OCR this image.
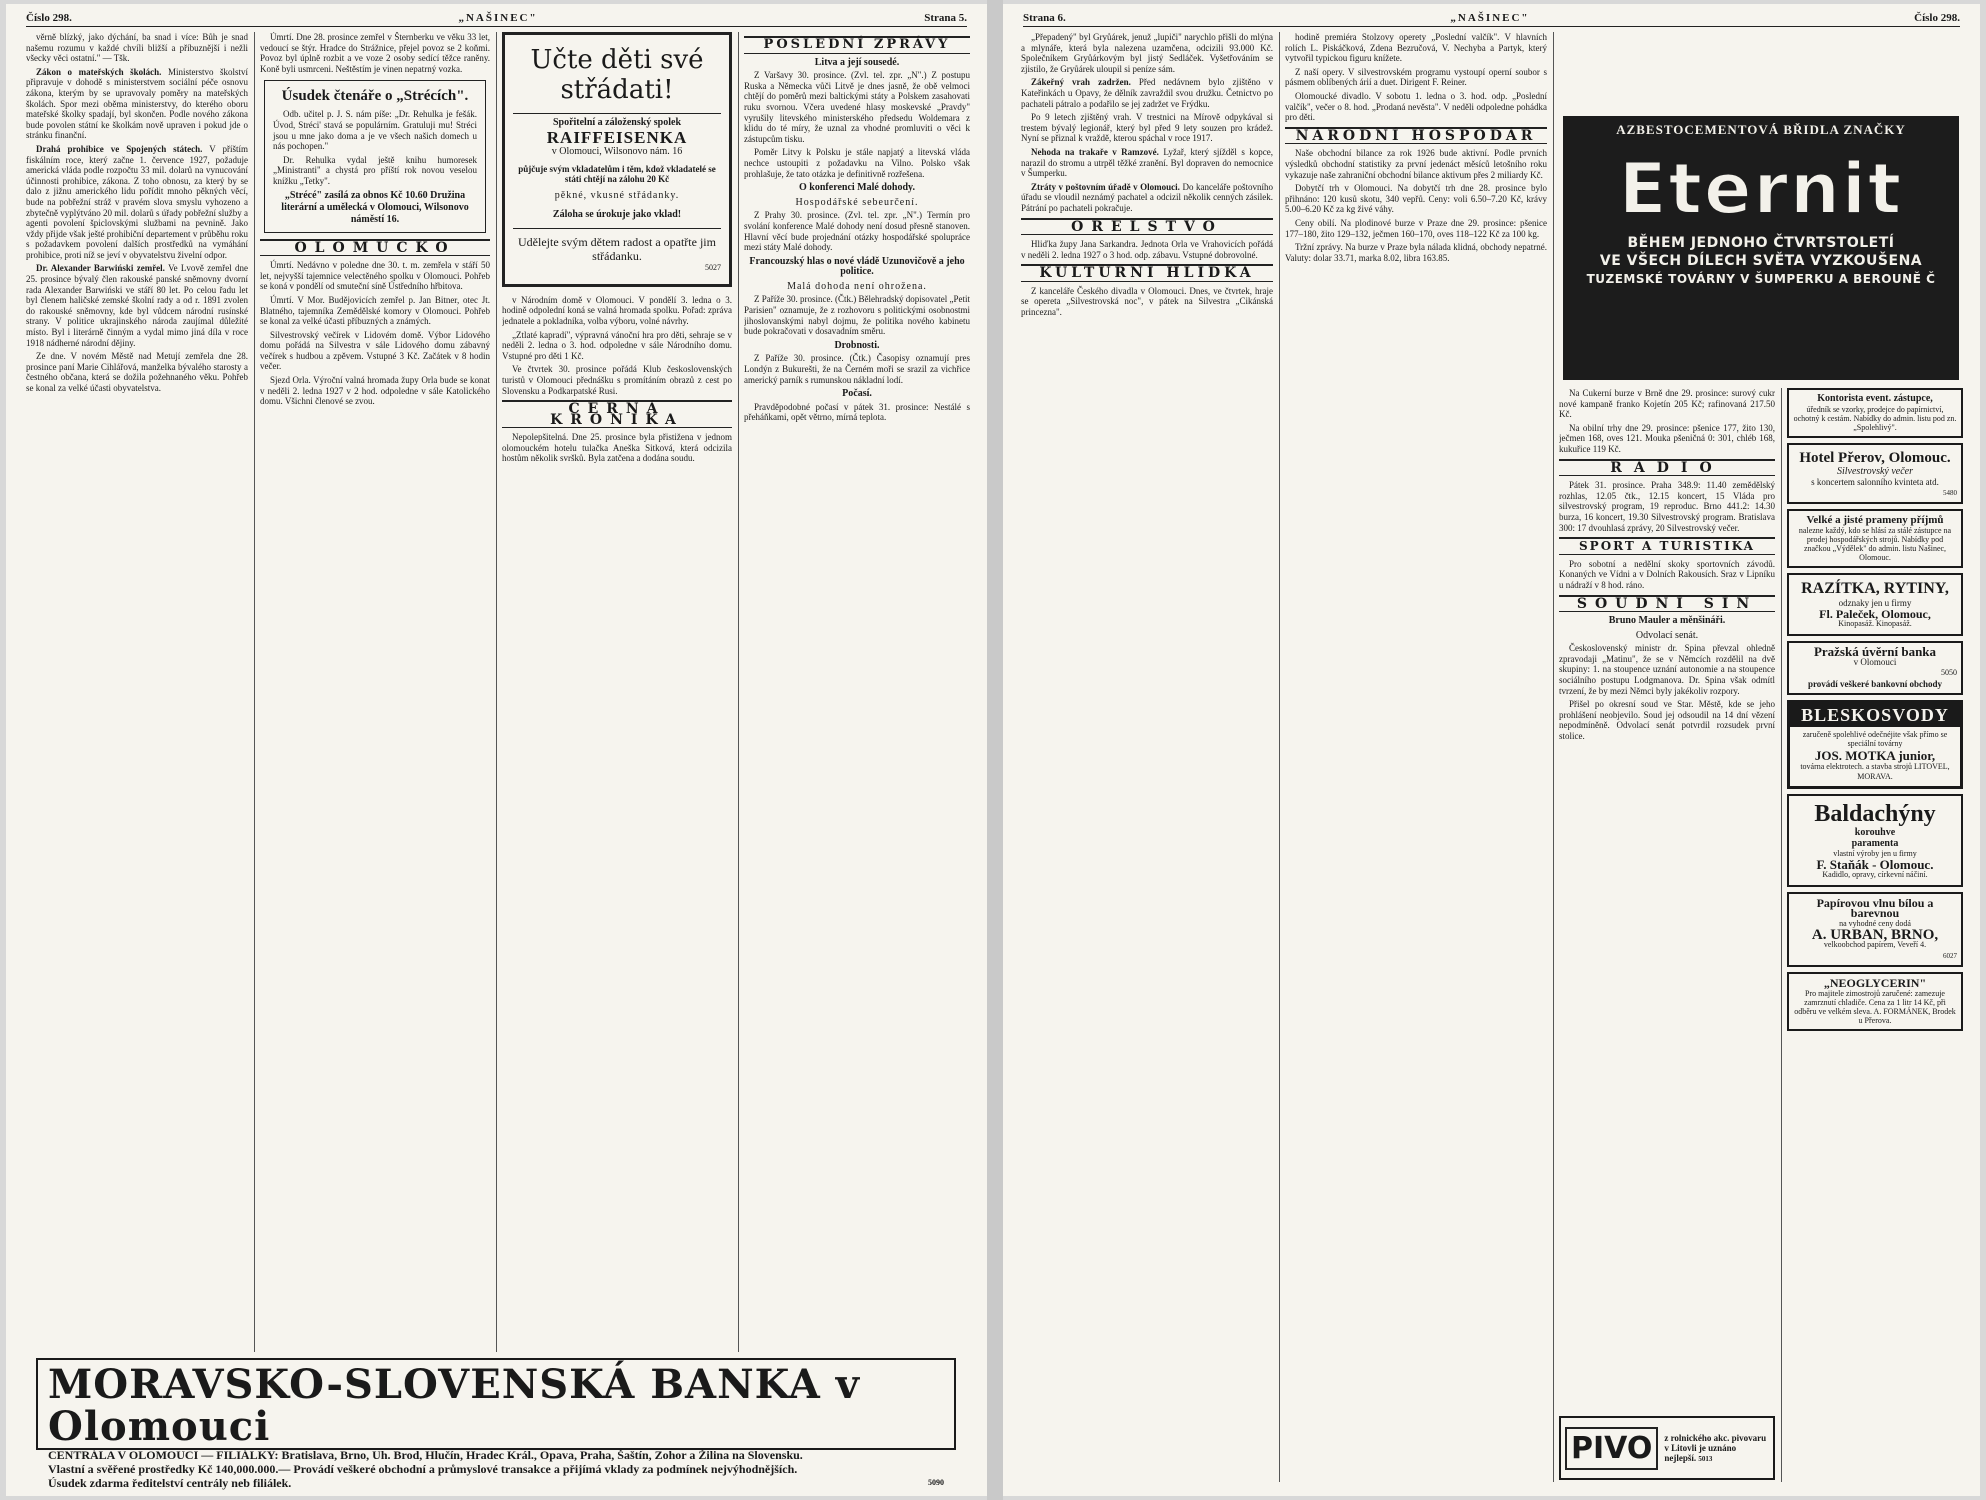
Číslo 298.	„NAŠINEC"	Strana 5.

věrně blízký, jako dýchání, ba snad i více: Bůh je snad našemu rozumu v každé chvíli bližší a příbuznější i nežli všecky věci ostatní." — Tšk.

Zákon o mateřských školách. Ministerstvo školství připravuje v dohodě s ministerstvem sociální péče osnovu zákona, kterým by se upravovaly poměry na mateřských školách. Spor mezi oběma ministerstvy, do kterého oboru mateřské školky spadají, byl skončen. Podle nového zákona bude povolen státní ke školkám nově upraven i pokud jde o stránku finanční.

Drahá prohibice ve Spojených státech. V příštím fiskálním roce, který začne 1. července 1927, požaduje americká vláda podle rozpočtu 33 mil. dolarů na vynucování účinnosti prohibice, zákona. Z toho obnosu, za který by se dalo z jižnu amerického lidu pořídit mnoho pěkných věcí, bude na pobřežní stráž v pravém slova smyslu vyhozeno a zbytečně vyplýtváno 20 mil. dolarů s úřady pobřežní služby a agenti povolení špiclovskými službami na pevnině. Jako vždy přijde však ješté prohibiční departement v průběhu roku s požadavkem povolení dalších prostředků na vymáhání prohibice, proti níž se jeví v obyvatelstvu živelní odpor.

Dr. Alexander Barwiński zemřel. Ve Lvově zemřel dne 25. prosince bývalý člen rakouské panské sněmovny dvorní rada Alexander Barwiński ve stáří 80 let. Po celou řadu let byl členem haličské zemské školní rady a od r. 1891 zvolen do rakouské sněmovny, kde byl vůdcem národní rusínské strany. V politice ukrajinského národa zaujímal důležité místo. Byl i literárně činným a vydal mimo jiná díla v roce 1918 nádherné národní dějiny.

Ze dne. V novém Městě nad Metují zemřela dne 28. prosince paní Marie Cihlářová, manželka bývalého starosty a čestného občana, která se dožila požehnaného věku. Pohřeb se konal za velké účasti obyvatelstva.

Úmrtí. Dne 28. prosince zemřel v Šternberku ve věku 33 let, vedoucí se štýr. Hradce do Strážnice, přejel povoz se 2 koňmi. Povoz byl úplně rozbit a ve voze 2 osoby sedící těžce raněny. Koně byli usmrceni. Neštěstím je vinen nepatrný vozka.

Úsudek čtenáře o „Strécích".

Odb. učitel p. J. S. nám píše: „Dr. Rehulka je fešák. Úvod, Stréci' stavá se populárním. Gratuluji mu! Stréci jsou u mne jako doma a je ve všech našich domech u nás pochopen."

Dr. Rehulka vydal ještě knihu humoresek „Ministranti" a chystá pro příští rok novou veselou knížku „Tetky".

„Strécé" zasílá za obnos Kč 10.60 Družina literární a umělecká v Olomouci, Wilsonovo náměstí 16.
OLOMUCKO

Úmrtí. Nedávno v poledne dne 30. t. m. zemřela v stáří 50 let, nejvyšší tajemnice velectěného spolku v Olomouci. Pohřeb se koná v pondělí od smuteční síně Ústředního hřbitova.

Úmrtí. V Mor. Budějovicích zemřel p. Jan Bitner, otec Jt. Blatného, tajemníka Zemědělské komory v Olomouci. Pohřeb se konal za velké účasti příbuzných a známých.

Silvestrovský večírek v Lidovém domě. Výbor Lidového domu pořádá na Silvestra v sále Lidového domu zábavný večírek s hudbou a zpěvem. Vstupné 3 Kč. Začátek v 8 hodin večer.

Sjezd Orla. Výroční valná hromada župy Orla bude se konat v neděli 2. ledna 1927 v 2 hod. odpoledne v sále Katolického domu. Všichni členové se zvou.

Učte děti své střádati!
Spořitelní a záloženský spolek
RAIFFEISENKA
v Olomouci, Wilsonovo nám. 16
půjčuje svým vkladatelům i těm, kdož vkladatelé se státi chtějí na zálohu 20 Kč
pěkné, vkusné střádanky.
Záloha se úrokuje jako vklad!
Udělejte svým dětem radost a opatřte jim střádanku.
5027

v Národním domě v Olomouci. V pondělí 3. ledna o 3. hodině odpolední koná se valná hromada spolku. Pořad: zpráva jednatele a pokladníka, volba výboru, volné návrhy.

„Ztlaté kapradí", výpravná vánoční hra pro děti, sehraje se v neděli 2. ledna o 3. hod. odpoledne v sále Národního domu. Vstupné pro děti 1 Kč.

Ve čtvrtek 30. prosince pořádá Klub československých turistů v Olomouci přednášku s promítáním obrazů z cest po Slovensku a Podkarpatské Rusi.

ČERNÁ KRONIKA

Nepolepšitelná. Dne 25. prosince byla přistižena v jednom olomouckém hotelu tulačka Aneška Sitková, která odcizila hostům několik svršků. Byla zatčena a dodána soudu.

POSLEDNÍ ZPRÁVY
Litva a její sousedé.

Z Varšavy 30. prosince. (Zvl. tel. zpr. „N".) Z postupu Ruska a Německa vůči Litvě je dnes jasně, že obě velmoci chtějí do poměrů mezi baltickými státy a Polskem zasahovati ruku svornou. Včera uvedené hlasy moskevské „Pravdy" vyrušily litevského ministerského předsedu Woldemara z klidu do té míry, že uznal za vhodné promluviti o věci k zástupcům tisku.

Poměr Litvy k Polsku je stále napjatý a litevská vláda nechce ustoupiti z požadavku na Vilno. Polsko však prohlašuje, že tato otázka je definitivně rozřešena.

O konferenci Malé dohody.
Hospodářské sebeurčení.

Z Prahy 30. prosince. (Zvl. tel. zpr. „N".) Termín pro svolání konference Malé dohody není dosud přesně stanoven. Hlavní věcí bude projednání otázky hospodářské spolupráce mezi státy Malé dohody.

Francouzský hlas o nové vládě Uzunovičově a jeho politice.
Malá dohoda není ohrožena.

Z Paříže 30. prosince. (Čtk.) Bělehradský dopisovatel „Petit Parisien" oznamuje, že z rozhovoru s politickými osobnostmi jihoslovanskými nabyl dojmu, že politika nového kabinetu bude pokračovati v dosavadním směru.

Drobnosti.

Z Paříže 30. prosince. (Čtk.) Časopisy oznamují pres Londýn z Bukurešti, že na Černém moři se srazil za vichřice americký parník s rumunskou nákladní lodí.

Počasí.

Pravděpodobné počasí v pátek 31. prosince: Nestálé s přeháňkami, opět větrno, mírná teplota.

MORAVSKO-SLOVENSKÁ BANKA v Olomouci
CENTRÁLA V OLOMOUCI — FILIÁLKY: Bratislava, Brno, Uh. Brod, Hlučín, Hradec Král., Opava, Praha, Šaštín, Zohor a Žilina na Slovensku.
Vlastní a svěřené prostředky Kč 140,000.000.— Provádí veškeré obchodní a průmyslové transakce a přijímá vklady za podmínek nejvýhodnějších.
Úsudek zdarma ředitelství centrály neb filiálek.	5090
Strana 6.	„NAŠINEC"	Číslo 298.

„Přepadený" byl Gryůárek, jenuž „lupiči" narychlo přišli do mlýna a mlynáře, která byla nalezena uzamčena, odcizili 93.000 Kč. Společníkem Gryůárkovým byl jistý Sedláček. Vyšetřováním se zjistilo, že Gryůárek uloupil si peníze sám.

Zákeřný vrah zadržen. Před nedávnem bylo zjištěno v Kateřinkách u Opavy, že dělník zavraždil svou družku. Četnictvo po pachateli pátralo a podařilo se jej zadržet ve Frýdku.

Po 9 letech zjištěný vrah. V trestnici na Mírově odpykával si trestem bývalý legionář, který byl před 9 lety souzen pro krádež. Nyní se přiznal k vraždě, kterou spáchal v roce 1917.

Nehoda na trakaře v Ramzové. Lyžař, který sjížděl s kopce, narazil do stromu a utrpěl těžké zranění. Byl dopraven do nemocnice v Šumperku.

Ztráty v poštovním úřadě v Olomouci. Do kanceláře poštovního úřadu se vloudil neznámý pachatel a odcizil několik cenných zásilek. Pátrání po pachateli pokračuje.

ORELSTVO

Hliďka župy Jana Sarkandra. Jednota Orla ve Vrahovicích pořádá v neděli 2. ledna 1927 o 3 hod. odp. zábavu. Vstupné dobrovolné.

KULTURNÍ HLÍDKA

Z kanceláře Českého divadla v Olomouci. Dnes, ve čtvrtek, hraje se opereta „Silvestrovská noc", v pátek na Silvestra „Cikánská princezna".

hodině premiéra Stolzovy operety „Poslední valčík". V hlavních rolích L. Piskáčková, Zdena Bezručová, V. Nechyba a Partyk, který vytvořil typickou figuru knížete.

Z naší opery. V silvestrovském programu vystoupí operní soubor s pásmem oblíbených árií a duet. Dirigent F. Reiner.

Olomoucké divadlo. V sobotu 1. ledna o 3. hod. odp. „Poslední valčík", večer o 8. hod. „Prodaná nevěsta". V neděli odpoledne pohádka pro děti.

NÁRODNÍ HOSPODÁŘ

Naše obchodní bilance za rok 1926 bude aktivní. Podle prvních výsledků obchodní statistiky za první jedenáct měsíců letošního roku vykazuje naše zahraniční obchodní bilance aktivum přes 2 miliardy Kč.

Dobytčí trh v Olomouci. Na dobytčí trh dne 28. prosince bylo přihnáno: 120 kusů skotu, 340 vepřů. Ceny: voli 6.50–7.20 Kč, krávy 5.00–6.20 Kč za kg živé váhy.

Ceny obilí. Na plodinové burze v Praze dne 29. prosince: pšenice 177–180, žito 129–132, ječmen 160–170, oves 118–122 Kč za 100 kg.

Tržní zprávy. Na burze v Praze byla nálada klidná, obchody nepatrné. Valuty: dolar 33.71, marka 8.02, libra 163.85.

AZBESTOCEMENTOVÁ BŘIDLA ZNAČKY
Eternit
BĚHEM JEDNOHO ČTVRTSTOLETÍ
VE VŠECH DÍLECH SVĚTA VYZKOUŠENA
TUZEMSKÉ TOVÁRNY V ŠUMPERKU A BEROUNĚ Č

Na Cukerní burze v Brně dne 29. prosince: surový cukr nové kampaně franko Kojetín 205 Kč; rafinovaná 217.50 Kč.

Na obilní trhy dne 29. prosince: pšenice 177, žito 130, ječmen 168, oves 121. Mouka pšeničná 0: 301, chléb 168, kukuřice 119 Kč.

RADIO

Pátek 31. prosince. Praha 348.9: 11.40 zemědělský rozhlas, 12.05 čtk., 12.15 koncert, 15 Vláda pro silvestrovský program, 19 reproduc. Brno 441.2: 14.30 burza, 16 koncert, 19.30 Silvestrovský program. Bratislava 300: 17 dvouhlasá zprávy, 20 Silvestrovský večer.

SPORT A TURISTIKA

Pro sobotní a nedělní skoky sportovních závodů. Konaných ve Vídni a v Dolních Rakousích. Sraz v Lipníku u nádraží v 8 hod. ráno.

SOUDNÍ SÍŇ
Bruno Mauler a měnšináři.
Odvolací senát.

Československý ministr dr. Spina převzal ohledně zpravodaji „Matinu", že se v Němcích rozdělil na dvě skupiny: 1. na stoupence uznání autonomie a na stoupence sociálního postupu Lodgmanova. Dr. Spina však odmítl tvrzení, že by mezi Němci byly jakékoliv rozpory.

Přišel po okresní soud ve Star. Městě, kde se jeho prohlášení neobjevilo. Soud jej odsoudil na 14 dní vězení nepodmíněně. Odvolací senát potvrdil rozsudek první stolice.

Kontorista event. zástupce,
úředník se vzorky, prodejce do papírnictví, ochotný k cestám. Nabídky do admin. listu pod zn. „Spolehlivý".
Hotel Přerov, Olomouc.
Silvestrovský večer
s koncertem salonního kvinteta atd.
5480
Velké a jisté prameny příjmů
nalezne každý, kdo se hlásí za stálé zástupce na prodej hospodářských strojů. Nabídky pod značkou „Výdělek" do admin. listu Našinec, Olomouc.
RAZÍTKA, RYTINY,
odznaky jen u firmy
Fl. Paleček, Olomouc,
Kinopasáž. Kinopasáž.
Pražská úvěrní banka
v Olomouci
5050
provádí veškeré bankovní obchody
BLESKOSVODY
zaručeně spolehlivé odečnéjite však přímo se speciální továrny
JOS. MOTKA junior,
továrna elektrotech. a stavba strojů LITOVEL, MORAVA.
Baldachýny
korouhve
paramenta
vlastní výroby jen u firmy
F. Staňák - Olomouc.
Kadidlo, opravy, církevní náčiní.
Papírovou vlnu bílou a barevnou
na vyhodné ceny dodá
A. URBAN, BRNO,
velkoobchod papírem, Veveří 4.
6027
„NEOGLYCERIN"
Pro majitele zimostrojů zaručené: zamezuje zamrznutí chladiče. Cena za 1 litr 14 Kč, při odběru ve velkém sleva. A. FORMÁNEK, Brodek u Přerova.
PIVO	z rolnického akc. pivovaru v Litovli je uznáno nejlepší. 5013
